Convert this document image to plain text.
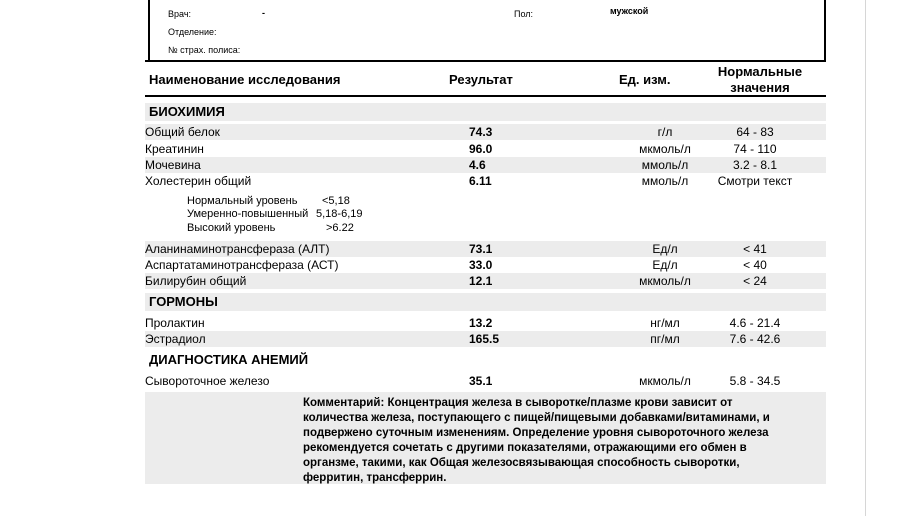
Врач:	-	Пол:	мужской
Отделение:
№ страх. полиса:
Наименование исследования	Результат	Ед. изм.
Нормальные
значения
БИОХИМИЯ
Общий белок	74.3	г/л	64 - 83
Креатинин	96.0	мкмоль/л	74 - 110
Мочевина	4.6	ммоль/л	3.2 - 8.1
Холестерин общий	6.11	ммоль/л	Смотри текст
Нормальный уровень <5,18
Умеренно-повышенный 5,18-6,19
Высокий уровень	>6.22
Аланинаминотрансфераза (АЛТ)	73.1	Ед/л	< 41
Аспартатаминотрансфераза (АСТ)	33.0	Ед/л	< 40
Билирубин общий	12.1	мкмоль/л	< 24
ГОРМОНЫ
Пролактин	13.2	нг/мл	4.6 - 21.4
Эстрадиол	165.5	пг/мл	7.6 - 42.6
ДИАГНОСТИКА АНЕМИЙ
Сывороточное железо	35.1	мкмоль/л	5.8 - 34.5
Комментарий: Концентрация железа в сыворотке/плазме крови зависит от количества железа, поступающего с пищей/пищевыми добавками/витаминами, и подвержено суточным изменениям. Определение уровня сывороточного железа рекомендуется сочетать с другими показателями, отражающими его обмен в органзме, такими, как Общая железосвязывающая способность сыворотки, ферритин, трансферрин.
